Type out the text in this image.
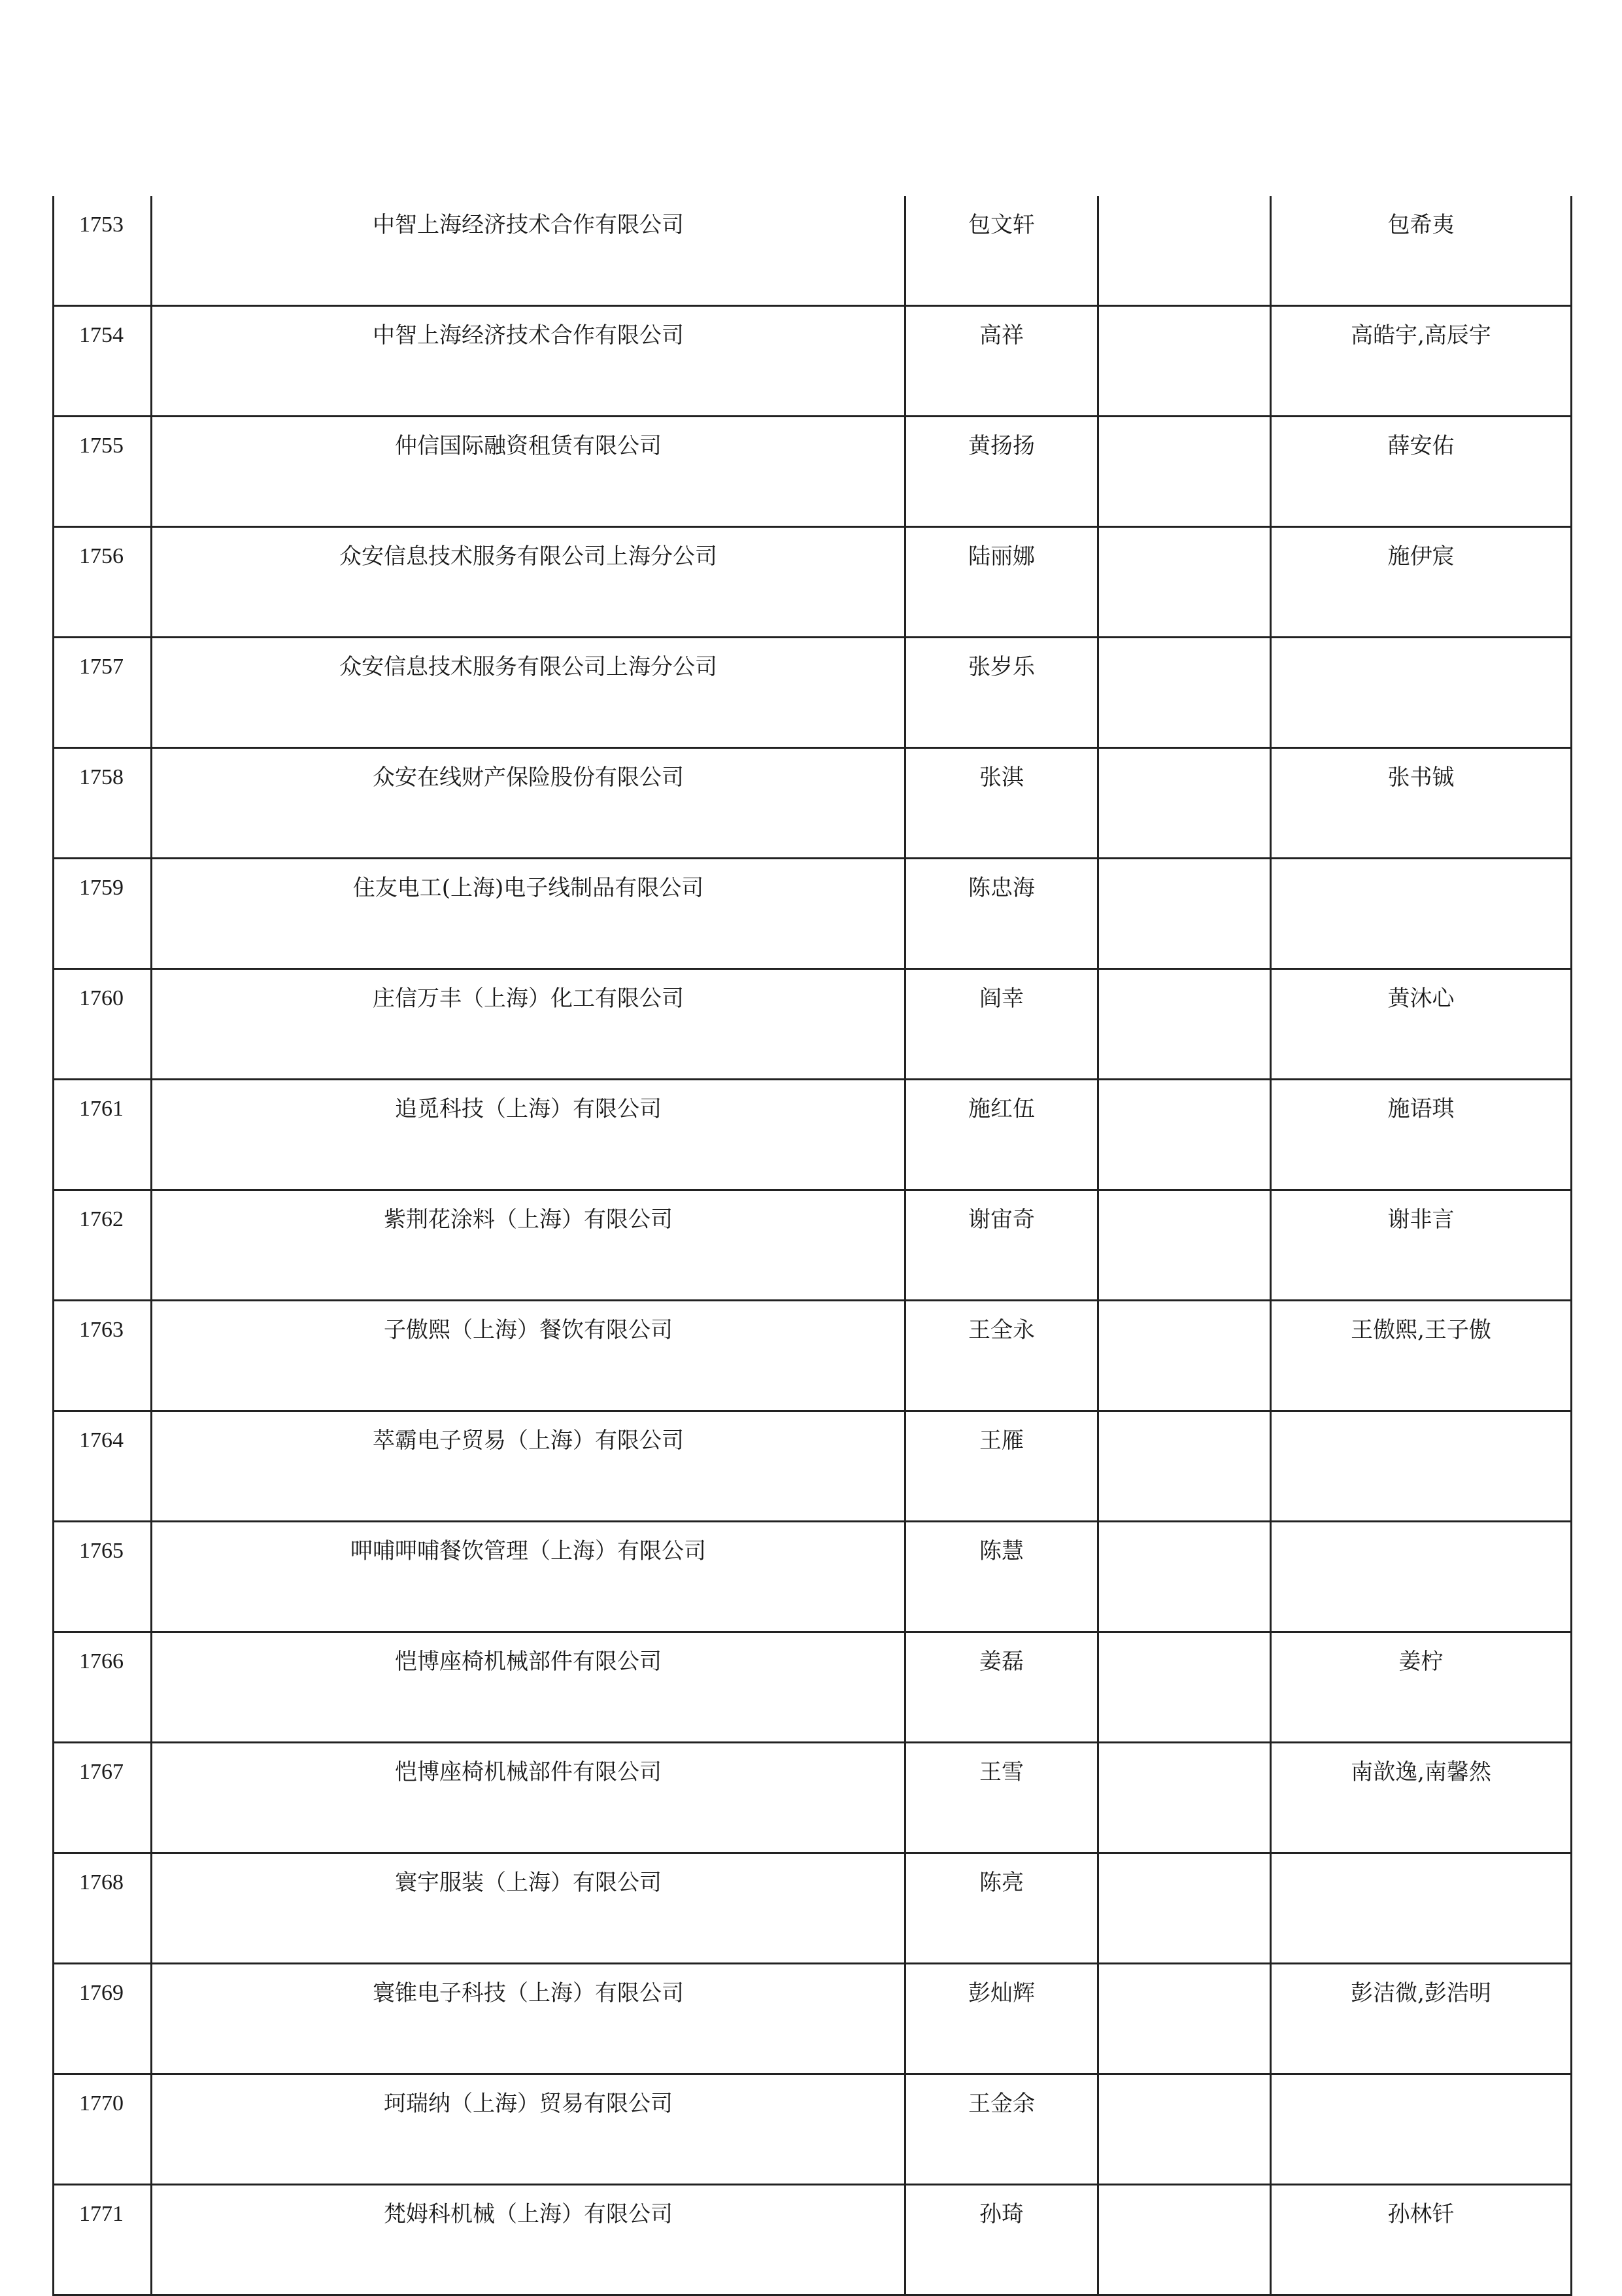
1753	中智上海经济技术合作有限公司	包文轩		包希夷
1754	中智上海经济技术合作有限公司	高祥		高皓宇,高辰宇
1755	仲信国际融资租赁有限公司	黄扬扬		薛安佑
1756	众安信息技术服务有限公司上海分公司	陆丽娜		施伊宸
1757	众安信息技术服务有限公司上海分公司	张岁乐		
1758	众安在线财产保险股份有限公司	张淇		张书铖
1759	住友电工(上海)电子线制品有限公司	陈忠海		
1760	庄信万丰（上海）化工有限公司	阎幸		黄沐心
1761	追觅科技（上海）有限公司	施红伍		施语琪
1762	紫荆花涂料（上海）有限公司	谢宙奇		谢非言
1763	子傲熙（上海）餐饮有限公司	王全永		王傲熙,王子傲
1764	萃霸电子贸易（上海）有限公司	王雁		
1765	呷哺呷哺餐饮管理（上海）有限公司	陈慧		
1766	恺博座椅机械部件有限公司	姜磊		姜柠
1767	恺博座椅机械部件有限公司	王雪		南歆逸,南馨然
1768	寰宇服装（上海）有限公司	陈亮		
1769	寰锥电子科技（上海）有限公司	彭灿辉		彭洁微,彭浩明
1770	珂瑞纳（上海）贸易有限公司	王金余		
1771	梵姆科机械（上海）有限公司	孙琦		孙林钎
